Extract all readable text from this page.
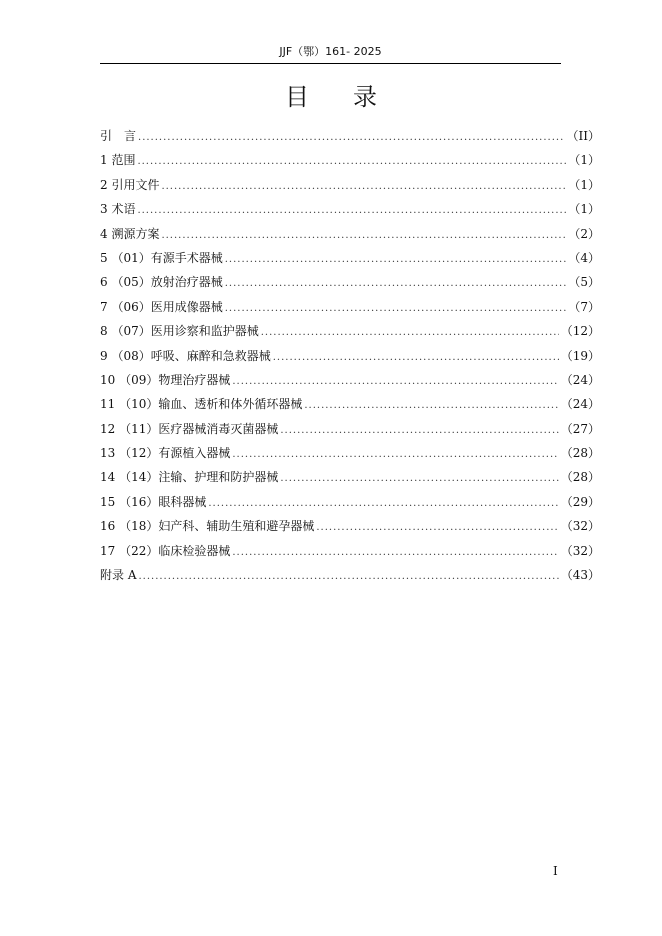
JJF（鄂）161- 2025
目录
引　言 .....	（II）
1 范围 .....	（1）
2 引用文件 .....	（1）
3 术语 .....	（1）
4 溯源方案 .....	（2）
5 （01）有源手术器械 .....	（4）
6 （05）放射治疗器械 .....	（5）
7 （06）医用成像器械 .....	（7）
8 （07）医用诊察和监护器械 .....	（12）
9 （08）呼吸、麻醉和急救器械 .....	（19）
10 （09）物理治疗器械 .....	（24）
11 （10）输血、透析和体外循环器械 .....	（24）
12 （11）医疗器械消毒灭菌器械 .....	（27）
13 （12）有源植入器械 .....	（28）
14 （14）注输、护理和防护器械 .....	（28）
15 （16）眼科器械 .....	（29）
16 （18）妇产科、辅助生殖和避孕器械 .....	（32）
17 （22）临床检验器械 .....	（32）
附录 A .....	（43）
I
